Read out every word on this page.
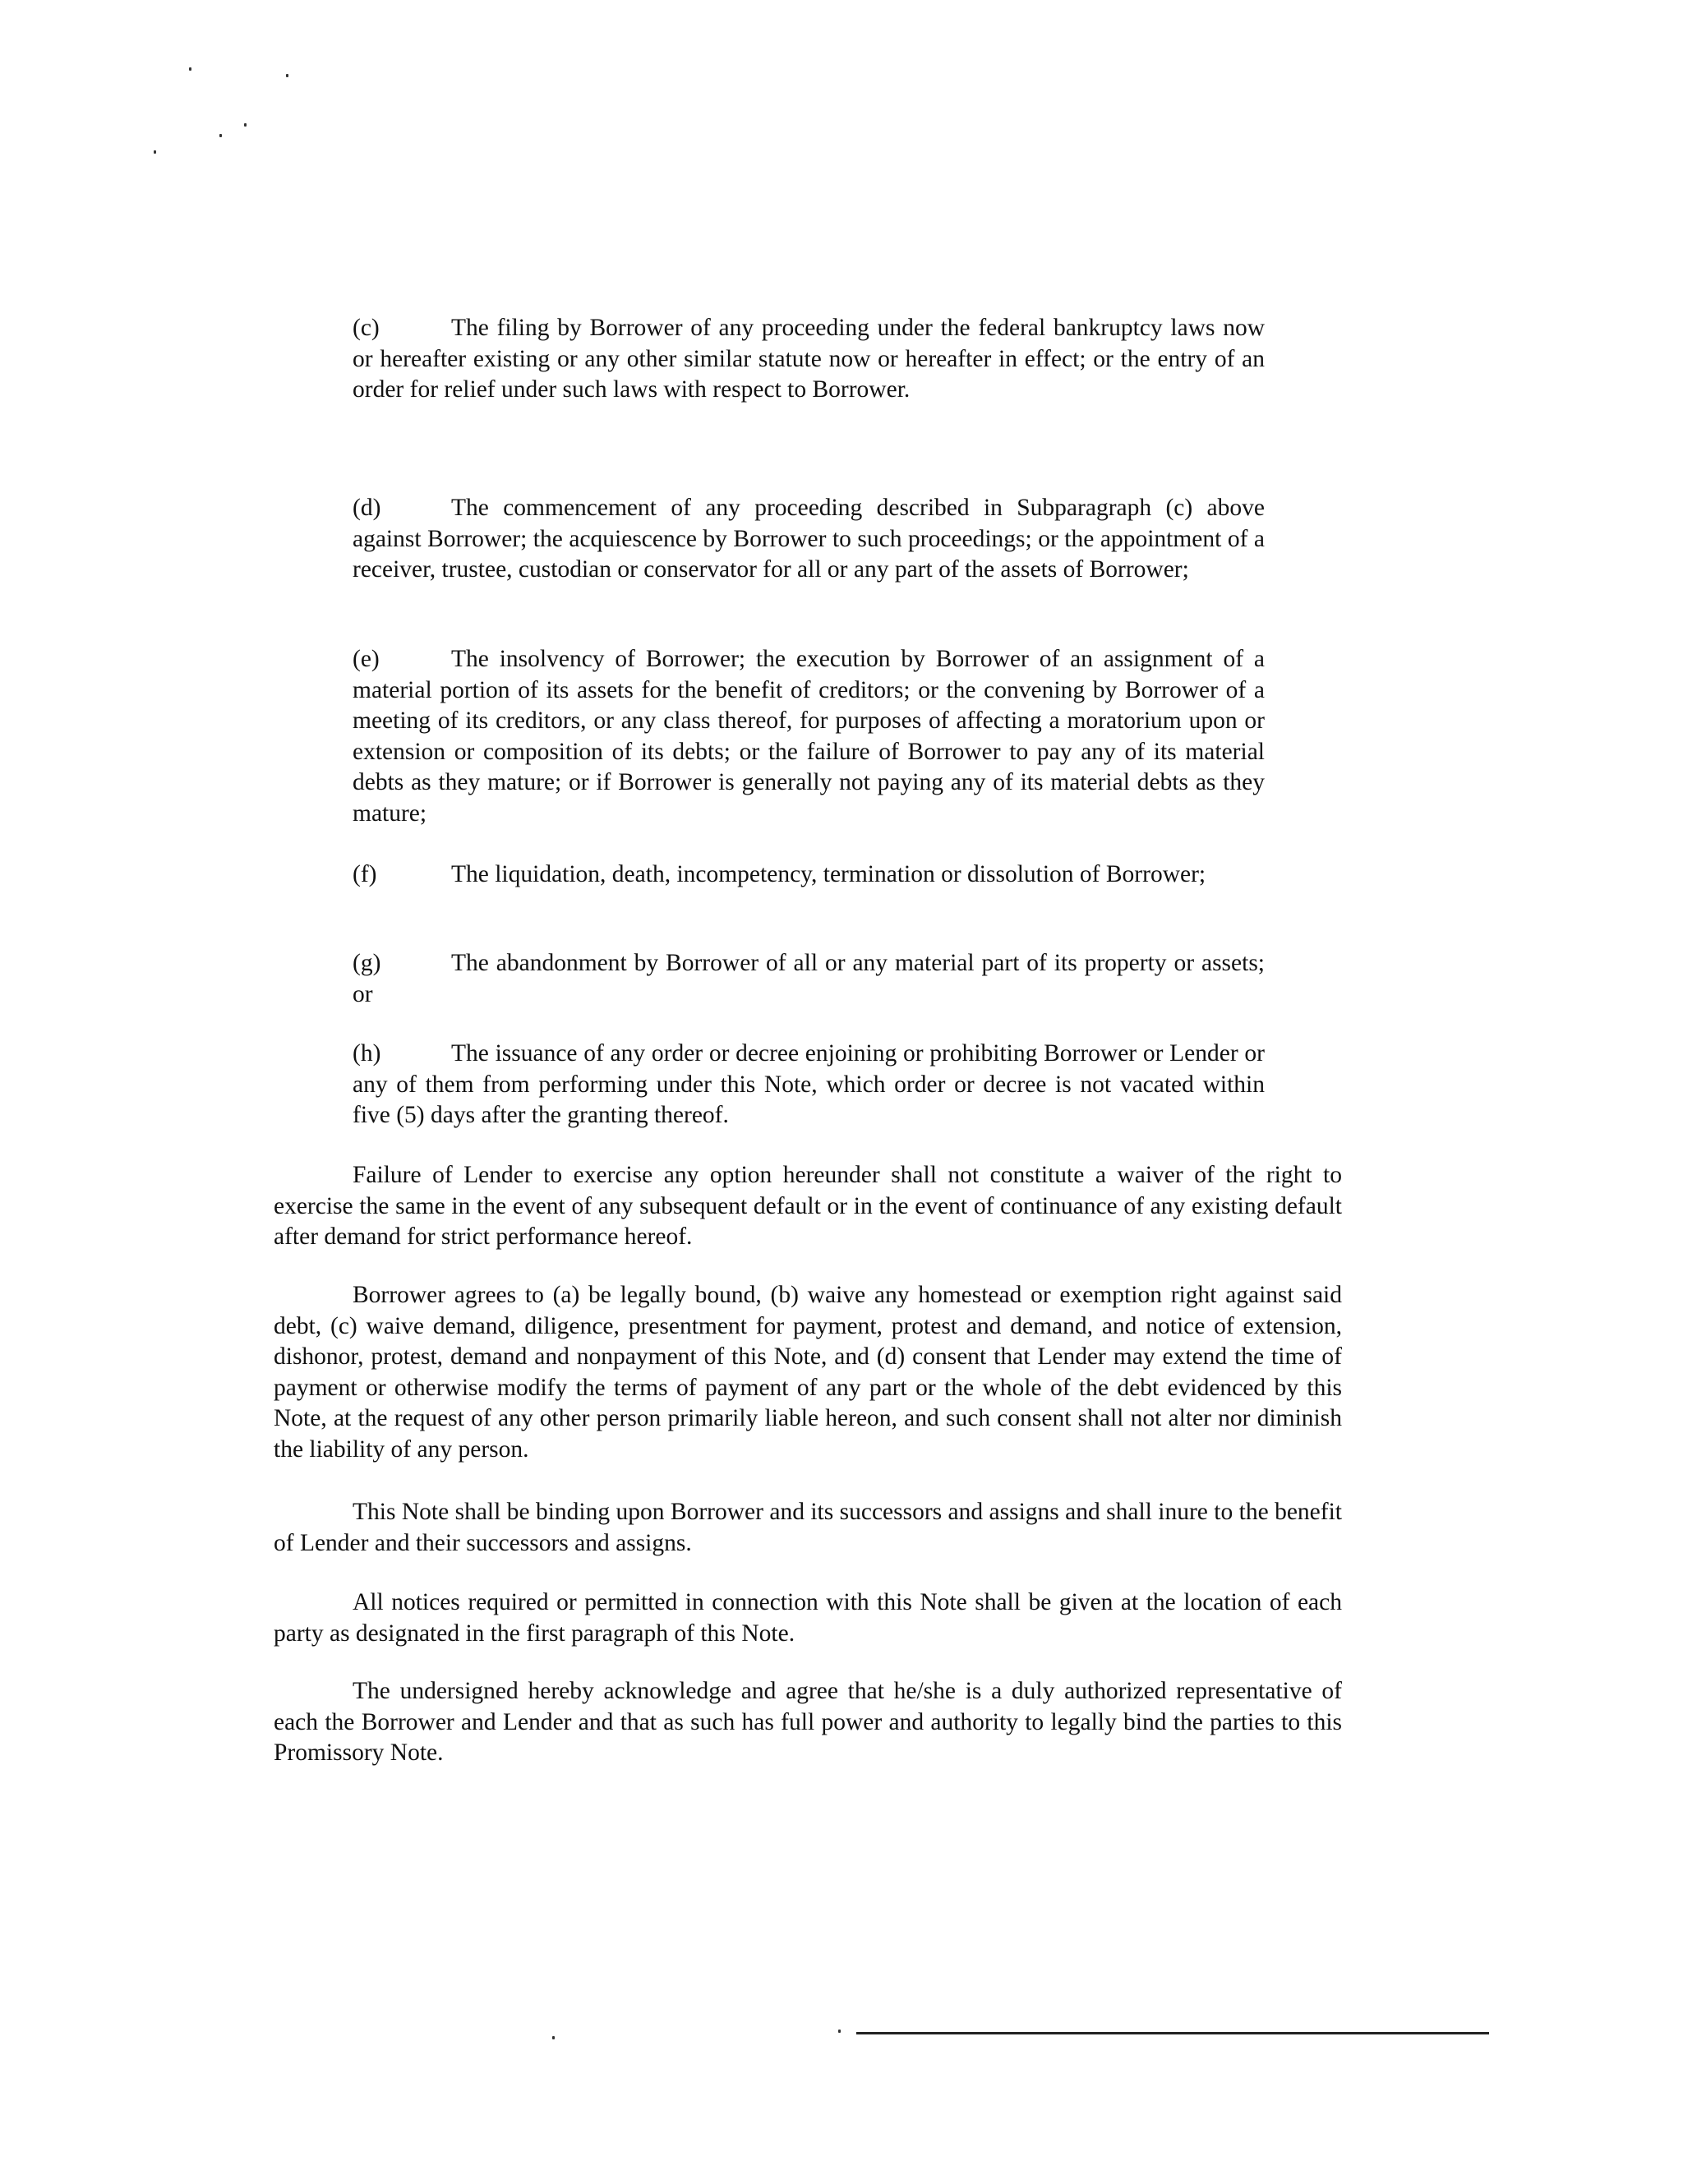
(c)	The filing by Borrower of any proceeding under the federal bankruptcy laws now or hereafter existing or any other similar statute now or hereafter in effect; or the entry of an order for relief under such laws with respect to Borrower.

(d)	The commencement of any proceeding described in Subparagraph (c) above against Borrower; the acquiescence by Borrower to such proceedings; or the appointment of a receiver, trustee, custodian or conservator for all or any part of the assets of Borrower;

(e)	The insolvency of Borrower; the execution by Borrower of an assignment of a material portion of its assets for the benefit of creditors; or the convening by Borrower of a meeting of its creditors, or any class thereof, for purposes of affecting a moratorium upon or extension or composition of its debts; or the failure of Borrower to pay any of its material debts as they mature; or if Borrower is generally not paying any of its material debts as they mature;

(f)	The liquidation, death, incompetency, termination or dissolution of Borrower;

(g)	The abandonment by Borrower of all or any material part of its property or assets; or

(h)	The issuance of any order or decree enjoining or prohibiting Borrower or Lender or any of them from performing under this Note, which order or decree is not vacated within five (5) days after the granting thereof.

Failure of Lender to exercise any option hereunder shall not constitute a waiver of the right to exercise the same in the event of any subsequent default or in the event of continuance of any existing default after demand for strict performance hereof.

Borrower agrees to (a) be legally bound, (b) waive any homestead or exemption right against said debt, (c) waive demand, diligence, presentment for payment, protest and demand, and notice of extension, dishonor, protest, demand and nonpayment of this Note, and (d) consent that Lender may extend the time of payment or otherwise modify the terms of payment of any part or the whole of the debt evidenced by this Note, at the request of any other person primarily liable hereon, and such consent shall not alter nor diminish the liability of any person.

This Note shall be binding upon Borrower and its successors and assigns and shall inure to the benefit of Lender and their successors and assigns.

All notices required or permitted in connection with this Note shall be given at the location of each party as designated in the first paragraph of this Note.

The undersigned hereby acknowledge and agree that he/she is a duly authorized representative of each the Borrower and Lender and that as such has full power and authority to legally bind the parties to this Promissory Note.
